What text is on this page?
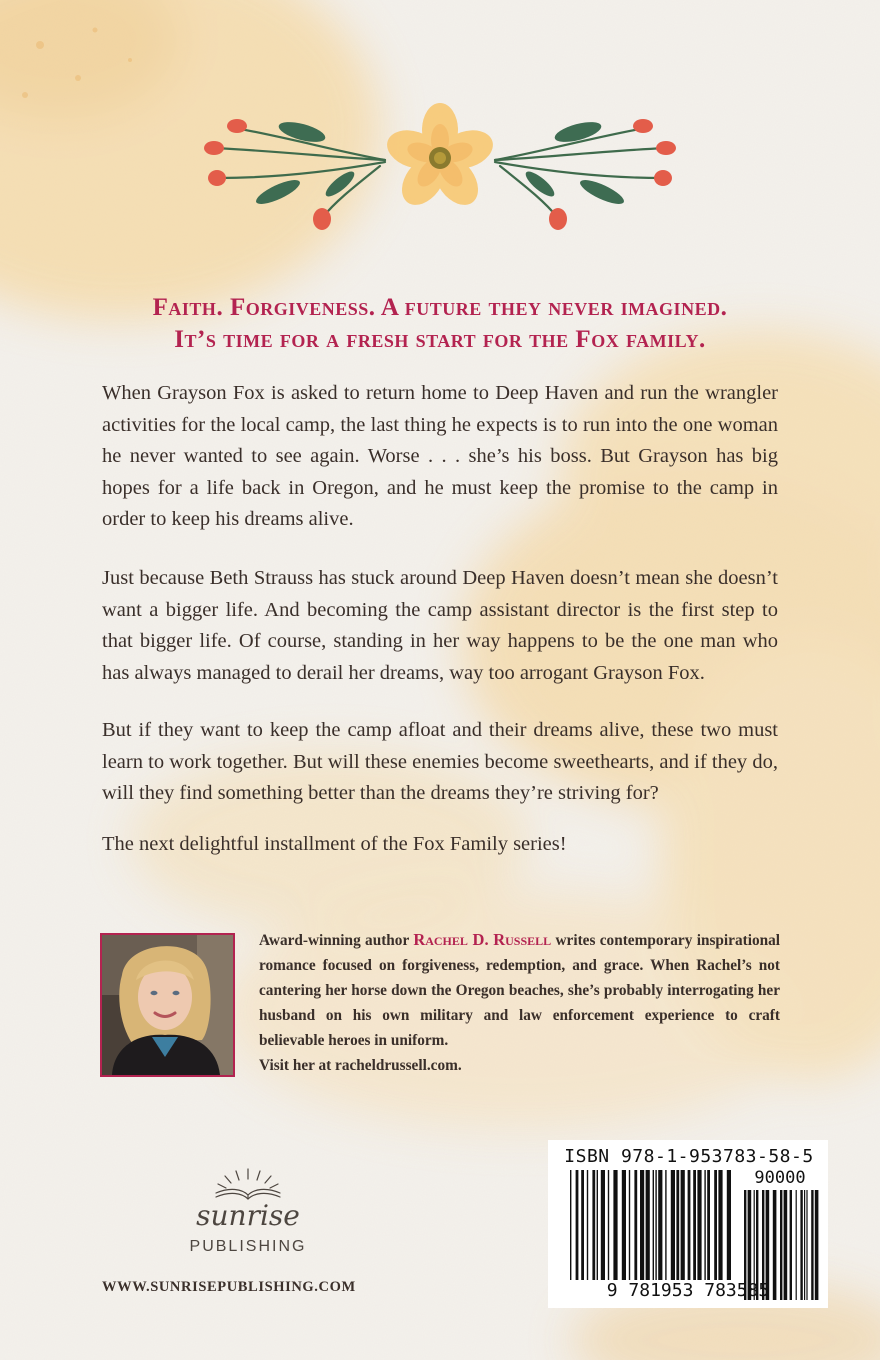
Faith. Forgiveness. A future they never imagined.
It’s time for a fresh start for the Fox family.

When Grayson Fox is asked to return home to Deep Haven and run the wrangler activities for the local camp, the last thing he expects is to run into the one woman he never wanted to see again. Worse . . . she’s his boss. But Grayson has big hopes for a life back in Oregon, and he must keep the promise to the camp in order to keep his dreams alive.

Just because Beth Strauss has stuck around Deep Haven doesn’t mean she doesn’t want a bigger life. And becoming the camp assistant director is the first step to that bigger life. Of course, standing in her way happens to be the one man who has always managed to derail her dreams, way too arrogant Grayson Fox.

But if they want to keep the camp afloat and their dreams alive, these two must learn to work together. But will these enemies become sweethearts, and if they do, will they find something better than the dreams they’re striving for?

The next delightful installment of the Fox Family series!

Award-winning author Rachel D. Russell writes contemporary inspirational romance focused on forgiveness, redemption, and grace. When Rachel’s not cantering her horse down the Oregon beaches, she’s probably interrogating her husband on his own military and law enforcement experience to craft believable heroes in uniform.
Visit her at racheldrussell.com.

sunrise
PUBLISHING
WWW.SUNRISEPUBLISHING.COM
ISBN 978-1-953783-58-5
90000
9 781953 783585
